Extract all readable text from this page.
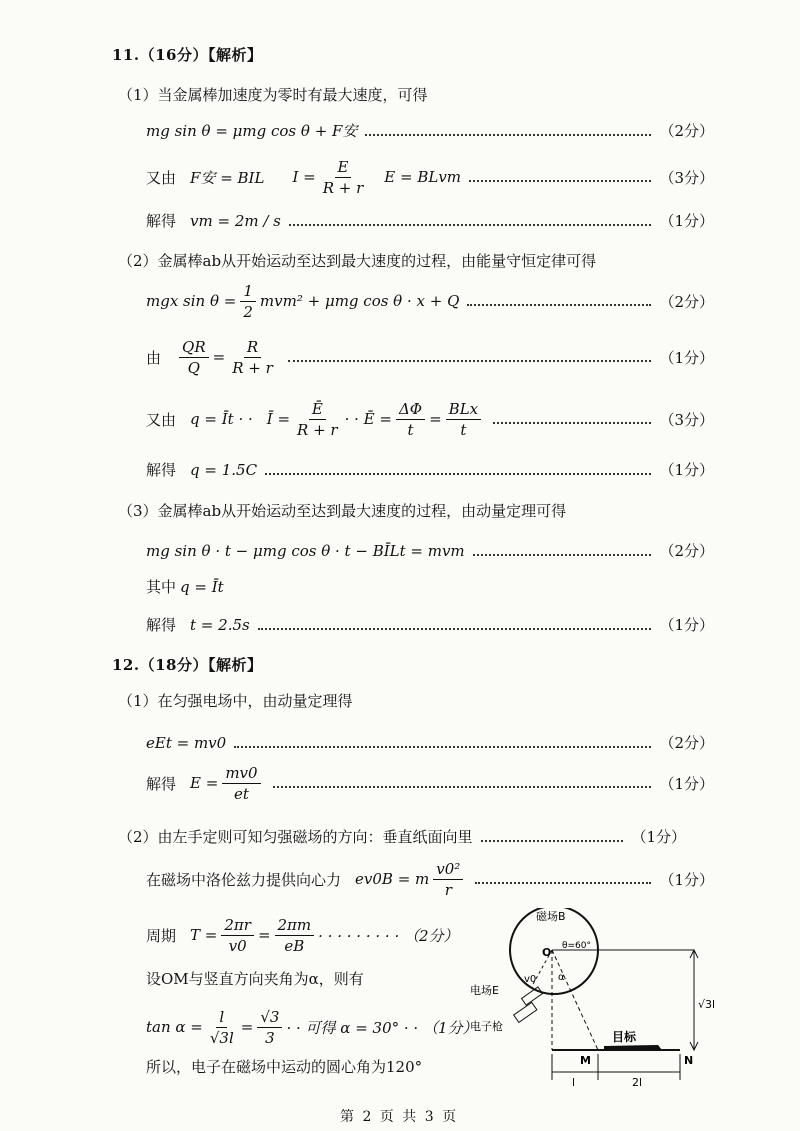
11.（16分）【解析】
（1）当金属棒加速度为零时有最大速度，可得
mg sin θ = μmg cos θ + F安	（2分）
又由 F安 = BIL $I = \frac{E}{R + r}$ E = BLvm	（3分）
解得 vm = 2m / s	（1分）
（2）金属棒ab从开始运动至达到最大速度的过程，由能量守恒定律可得
mgx $\sin \theta = \frac{1}{2} mvm^2 + \mu mg$ cos θ · x + Q	（2分）
由 $\frac{QR}{Q} = \frac{R}{R + r}$	（1分）
又由 q = Īt · · Ī = $\frac{Ē}{R + r}$ · · Ē = $\frac{\Delta\Phi}{t} = \frac{\text{BLx}}{t}$	（3分）
解得 q = 1.5C	（1分）
（3）金属棒ab从开始运动至达到最大速度的过程，由动量定理可得
mg sin θ · t − μmg cos θ · t − BĪLt = mvm	（2分）
其中 q = Īt
解得 t = 2.5s	（1分）
12.（18分）【解析】
（1）在匀强电场中，由动量定理得
eEt = mv0	（2分）
解得 $E = \frac{mv0}{et}$	（1分）
（2）由左手定则可知匀强磁场的方向：垂直纸面向里	（1分）
在磁场中洛伦兹力提供向心力 ev0B = m $\frac{\text{v0²}}{r}$	（1分）
周期 $T = \frac{2\pi r}{v0} = \frac{2\pi m}{eB}$ · · · · · · · · · （2分）
设OM与竖直方向夹角为α，则有
$\tan \alpha = \frac{l}{√3l} = \frac{√3}{3}$ · · 可得 α = 30° · · （1分）
所以，电子在磁场中运动的圆心角为120°
磁场B
O θ=60°
v0 α
电场E
电子枪
目标
√3l
M	N
l	2l
第 2 页 共 3 页
